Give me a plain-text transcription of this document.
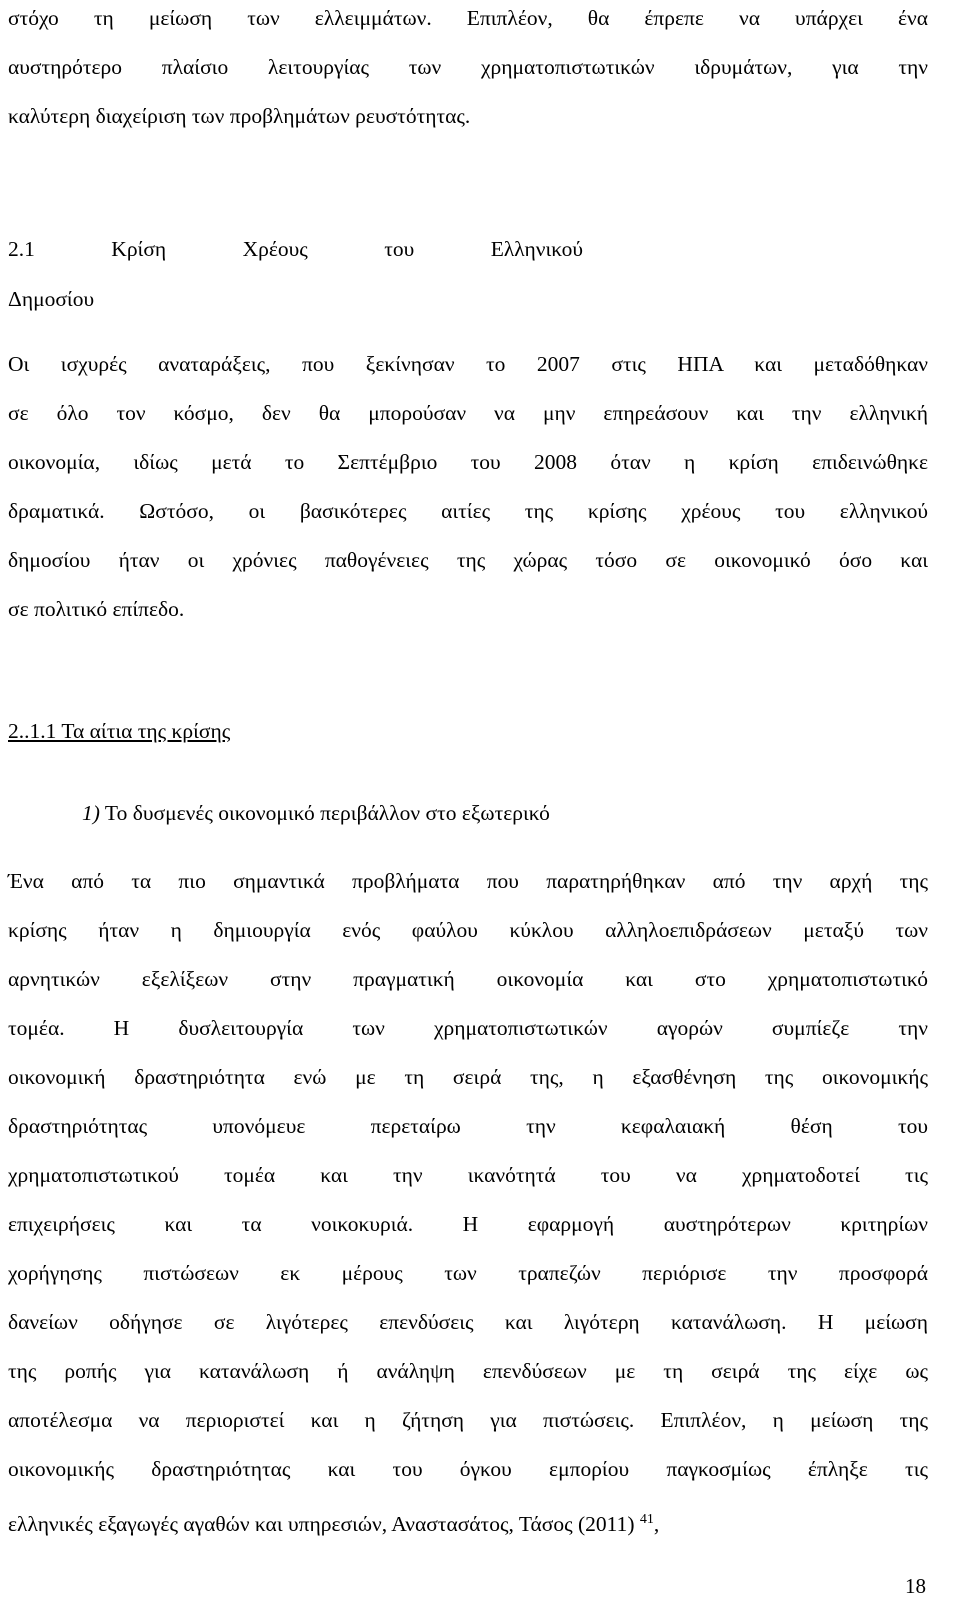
στόχο τη μείωση των ελλειμμάτων. Επιπλέον, θα έπρεπε να υπάρχει ένα
αυστηρότερο πλαίσιο λειτουργίας των χρηματοπιστωτικών ιδρυμάτων, για την
καλύτερη διαχείριση των προβλημάτων ρευστότητας.
2.1 Κρίση Χρέους του Ελληνικού
Δημοσίου
Οι ισχυρές αναταράξεις, που ξεκίνησαν το 2007 στις ΗΠΑ και μεταδόθηκαν
σε όλο τον κόσμο, δεν θα μπορούσαν να μην επηρεάσουν και την ελληνική
οικονομία, ιδίως μετά το Σεπτέμβριο του 2008 όταν η κρίση επιδεινώθηκε
δραματικά. Ωστόσο, οι βασικότερες αιτίες της κρίσης χρέους του ελληνικού
δημοσίου ήταν οι χρόνιες παθογένειες της χώρας τόσο σε οικονομικό όσο και
σε πολιτικό επίπεδο.
2..1.1 Τα αίτια της κρίσης
1) Το δυσμενές οικονομικό περιβάλλον στο εξωτερικό
Ένα από τα πιο σημαντικά προβλήματα που παρατηρήθηκαν από την αρχή της
κρίσης ήταν η δημιουργία ενός φαύλου κύκλου αλληλοεπιδράσεων μεταξύ των
αρνητικών εξελίξεων στην πραγματική οικονομία και στο χρηματοπιστωτικό
τομέα. Η δυσλειτουργία των χρηματοπιστωτικών αγορών συμπίεζε την
οικονομική δραστηριότητα ενώ με τη σειρά της, η εξασθένηση της οικονομικής
δραστηριότητας υπονόμευε περεταίρω την κεφαλαιακή θέση του
χρηματοπιστωτικού τομέα και την ικανότητά του να χρηματοδοτεί τις
επιχειρήσεις και τα νοικοκυριά. Η εφαρμογή αυστηρότερων κριτηρίων
χορήγησης πιστώσεων εκ μέρους των τραπεζών περιόρισε την προσφορά
δανείων οδήγησε σε λιγότερες επενδύσεις και λιγότερη κατανάλωση. Η μείωση
της ροπής για κατανάλωση ή ανάληψη επενδύσεων με τη σειρά της είχε ως
αποτέλεσμα να περιοριστεί και η ζήτηση για πιστώσεις. Επιπλέον, η μείωση της
οικονομικής δραστηριότητας και του όγκου εμπορίου παγκοσμίως έπληξε τις
ελληνικές εξαγωγές αγαθών και υπηρεσιών, Αναστασάτος, Τάσος (2011) $^{41}$,
18
